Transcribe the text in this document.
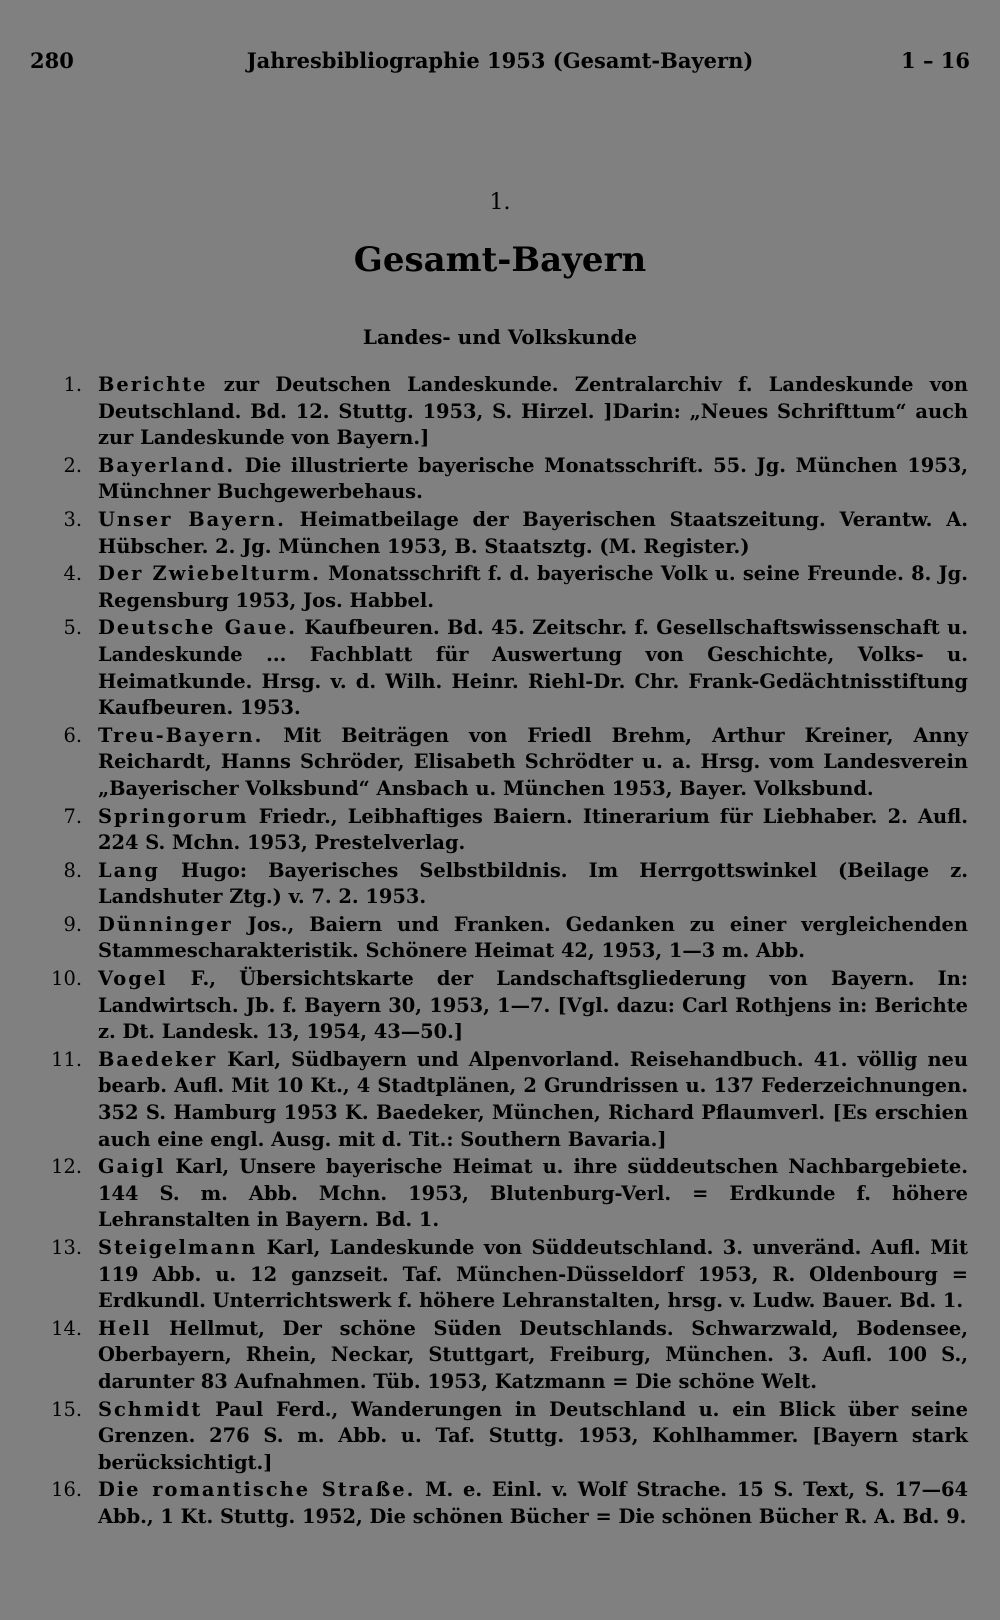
280	Jahresbibliographie 1953 (Gesamt-Bayern)	1 – 16
1.
Gesamt-Bayern
Landes- und Volkskunde
1. Berichte zur Deutschen Landeskunde. Zentralarchiv f. Landeskunde von Deutschland. Bd. 12. Stuttg. 1953, S. Hirzel. ]Darin: „Neues Schrifttum“ auch zur Landeskunde von Bayern.]
2. Bayerland. Die illustrierte bayerische Monatsschrift. 55. Jg. München 1953, Münchner Buchgewerbehaus.
3. Unser Bayern. Heimatbeilage der Bayerischen Staatszeitung. Verantw. A. Hübscher. 2. Jg. München 1953, B. Staatsztg. (M. Register.)
4. Der Zwiebelturm. Monatsschrift f. d. bayerische Volk u. seine Freunde. 8. Jg. Regensburg 1953, Jos. Habbel.
5. Deutsche Gaue. Kaufbeuren. Bd. 45. Zeitschr. f. Gesellschaftswissenschaft u. Landeskunde ... Fachblatt für Auswertung von Geschichte, Volks- u. Heimatkunde. Hrsg. v. d. Wilh. Heinr. Riehl-Dr. Chr. Frank-Gedächtnisstiftung Kaufbeuren. 1953.
6. Treu-Bayern. Mit Beiträgen von Friedl Brehm, Arthur Kreiner, Anny Reichardt, Hanns Schröder, Elisabeth Schrödter u. a. Hrsg. vom Landesverein „Bayerischer Volksbund“ Ansbach u. München 1953, Bayer. Volksbund.
7. Springorum Friedr., Leibhaftiges Baiern. Itinerarium für Liebhaber. 2. Aufl. 224 S. Mchn. 1953, Prestelverlag.
8. Lang Hugo: Bayerisches Selbstbildnis. Im Herrgottswinkel (Beilage z. Landshuter Ztg.) v. 7. 2. 1953.
9. Dünninger Jos., Baiern und Franken. Gedanken zu einer vergleichenden Stammescharakteristik. Schönere Heimat 42, 1953, 1—3 m. Abb.
10. Vogel F., Übersichtskarte der Landschaftsgliederung von Bayern. In: Landwirtsch. Jb. f. Bayern 30, 1953, 1—7. [Vgl. dazu: Carl Rothjens in: Berichte z. Dt. Landesk. 13, 1954, 43—50.]
11. Baedeker Karl, Südbayern und Alpenvorland. Reisehandbuch. 41. völlig neu bearb. Aufl. Mit 10 Kt., 4 Stadtplänen, 2 Grundrissen u. 137 Federzeichnungen. 352 S. Hamburg 1953 K. Baedeker, München, Richard Pflaumverl. [Es erschien auch eine engl. Ausg. mit d. Tit.: Southern Bavaria.]
12. Gaigl Karl, Unsere bayerische Heimat u. ihre süddeutschen Nachbargebiete. 144 S. m. Abb. Mchn. 1953, Blutenburg-Verl. = Erdkunde f. höhere Lehranstalten in Bayern. Bd. 1.
13. Steigelmann Karl, Landeskunde von Süddeutschland. 3. unveränd. Aufl. Mit 119 Abb. u. 12 ganzseit. Taf. München-Düsseldorf 1953, R. Oldenbourg = Erdkundl. Unterrichtswerk f. höhere Lehranstalten, hrsg. v. Ludw. Bauer. Bd. 1.
14. Hell Hellmut, Der schöne Süden Deutschlands. Schwarzwald, Bodensee, Oberbayern, Rhein, Neckar, Stuttgart, Freiburg, München. 3. Aufl. 100 S., darunter 83 Aufnahmen. Tüb. 1953, Katzmann = Die schöne Welt.
15. Schmidt Paul Ferd., Wanderungen in Deutschland u. ein Blick über seine Grenzen. 276 S. m. Abb. u. Taf. Stuttg. 1953, Kohlhammer. [Bayern stark berücksichtigt.]
16. Die romantische Straße. M. e. Einl. v. Wolf Strache. 15 S. Text, S. 17—64 Abb., 1 Kt. Stuttg. 1952, Die schönen Bücher = Die schönen Bücher R. A. Bd. 9.
